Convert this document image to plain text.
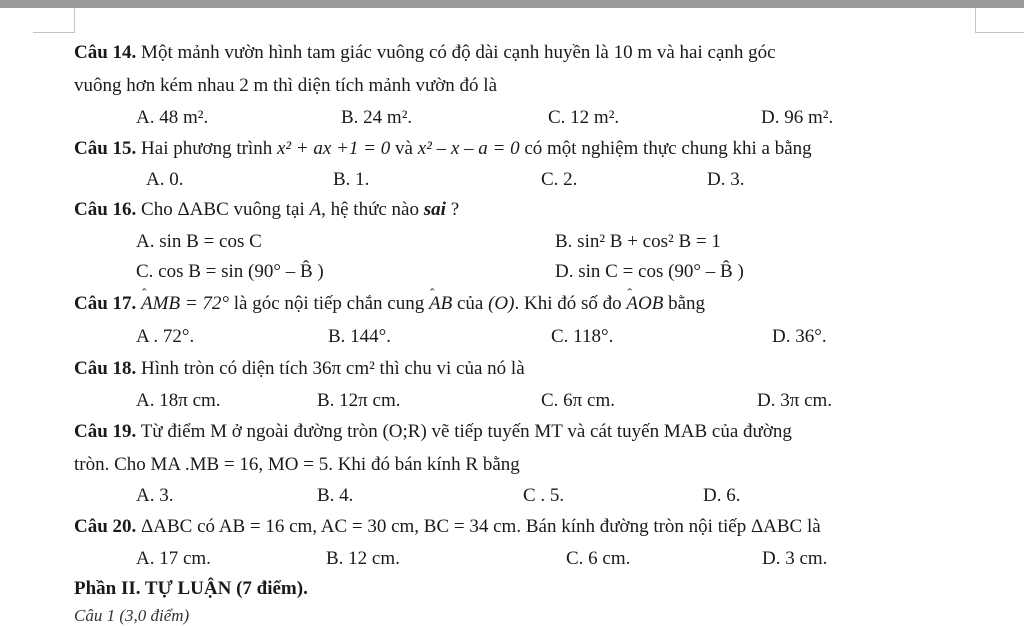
Câu 14. Một mảnh vườn hình tam giác vuông có độ dài cạnh huyền là 10 m và hai cạnh góc
vuông hơn kém nhau 2 m thì diện tích mảnh vườn đó là
A. 48 m².	B. 24 m².	C. 12 m².	D. 96 m².
Câu 15. Hai phương trình x² + ax +1 = 0 và x² – x – a = 0 có một nghiệm thực chung khi a bằng
A. 0.	B. 1.	C. 2.	D. 3.
Câu 16. Cho ΔABC vuông tại A, hệ thức nào sai ?
A. sin B = cos C	B. sin² B + cos² B = 1
C. cos B = sin (90° – B̂ )	D. sin C = cos (90° – B̂ )
Câu 17. ˆ AMB = 72° là góc nội tiếp chắn cung ˆ AB của (O). Khi đó số đo ˆ AOB bằng
A . 72°.	B. 144°.	C. 118°.	D. 36°.
Câu 18. Hình tròn có diện tích 36π cm² thì chu vi của nó là
A. 18π cm.	B. 12π cm.	C. 6π cm.	D. 3π cm.
Câu 19. Từ điểm M ở ngoài đường tròn (O;R) vẽ tiếp tuyến MT và cát tuyến MAB của đường
tròn. Cho MA .MB = 16, MO = 5. Khi đó bán kính R bằng
A. 3.	B. 4.	C . 5.	D. 6.
Câu 20. ΔABC có AB = 16 cm, AC = 30 cm, BC = 34 cm. Bán kính đường tròn nội tiếp ΔABC là
A. 17 cm.	B. 12 cm.	C. 6 cm.	D. 3 cm.
Phần II. TỰ LUẬN (7 điểm).
Câu 1 (3,0 điểm)
